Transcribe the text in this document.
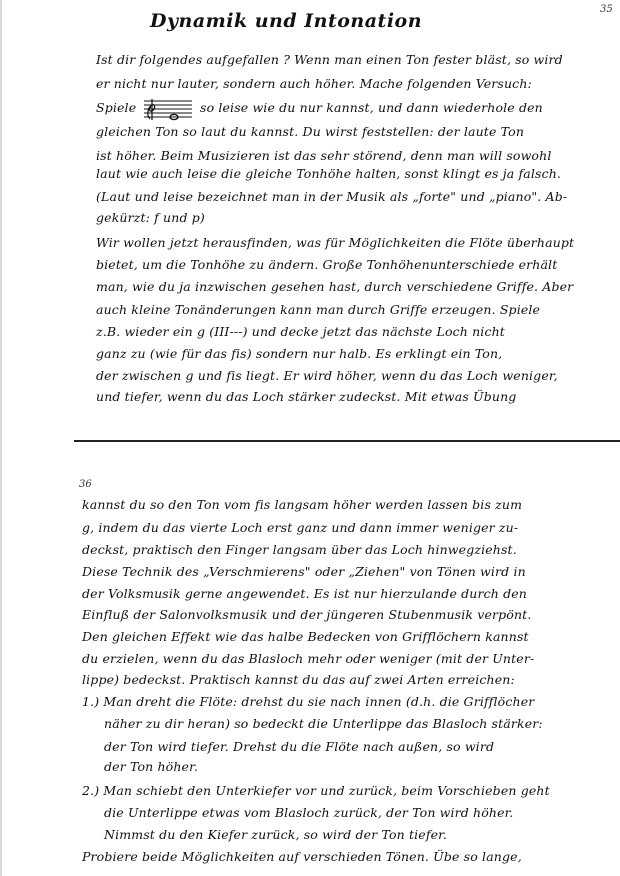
35
Dynamik und Intonation
Ist dir folgendes aufgefallen ? Wenn man einen Ton fester bläst, so wird
er nicht nur lauter, sondern auch höher. Mache folgenden Versuch:
Spiele	so leise wie du nur kannst, und dann wiederhole den
gleichen Ton so laut du kannst. Du wirst feststellen: der laute Ton
ist höher. Beim Musizieren ist das sehr störend, denn man will sowohl
laut wie auch leise die gleiche Tonhöhe halten, sonst klingt es ja falsch.
(Laut und leise bezeichnet man in der Musik als „forte" und „piano". Ab-
gekürzt: f und p)
Wir wollen jetzt herausfinden, was für Möglichkeiten die Flöte überhaupt
bietet, um die Tonhöhe zu ändern. Große Tonhöhenunterschiede erhält
man, wie du ja inzwischen gesehen hast, durch verschiedene Griffe. Aber
auch kleine Tonänderungen kann man durch Griffe erzeugen. Spiele
z.B. wieder ein g (III---) und decke jetzt das nächste Loch nicht
ganz zu (wie für das fis) sondern nur halb. Es erklingt ein Ton,
der zwischen g und fis liegt. Er wird höher, wenn du das Loch weniger,
und tiefer, wenn du das Loch stärker zudeckst. Mit etwas Übung
36
kannst du so den Ton vom fis langsam höher werden lassen bis zum
g, indem du das vierte Loch erst ganz und dann immer weniger zu-
deckst, praktisch den Finger langsam über das Loch hinwegziehst.
Diese Technik des „Verschmierens" oder „Ziehen" von Tönen wird in
der Volksmusik gerne angewendet. Es ist nur hierzulande durch den
Einfluß der Salonvolksmusik und der jüngeren Stubenmusik verpönt.
Den gleichen Effekt wie das halbe Bedecken von Grifflöchern kannst
du erzielen, wenn du das Blasloch mehr oder weniger (mit der Unter-
lippe) bedeckst. Praktisch kannst du das auf zwei Arten erreichen:
1.) Man dreht die Flöte: drehst du sie nach innen (d.h. die Grifflöcher
näher zu dir heran) so bedeckt die Unterlippe das Blasloch stärker:
der Ton wird tiefer. Drehst du die Flöte nach außen, so wird
der Ton höher.
2.) Man schiebt den Unterkiefer vor und zurück, beim Vorschieben geht
die Unterlippe etwas vom Blasloch zurück, der Ton wird höher.
Nimmst du den Kiefer zurück, so wird der Ton tiefer.
Probiere beide Möglichkeiten auf verschieden Tönen. Übe so lange,
